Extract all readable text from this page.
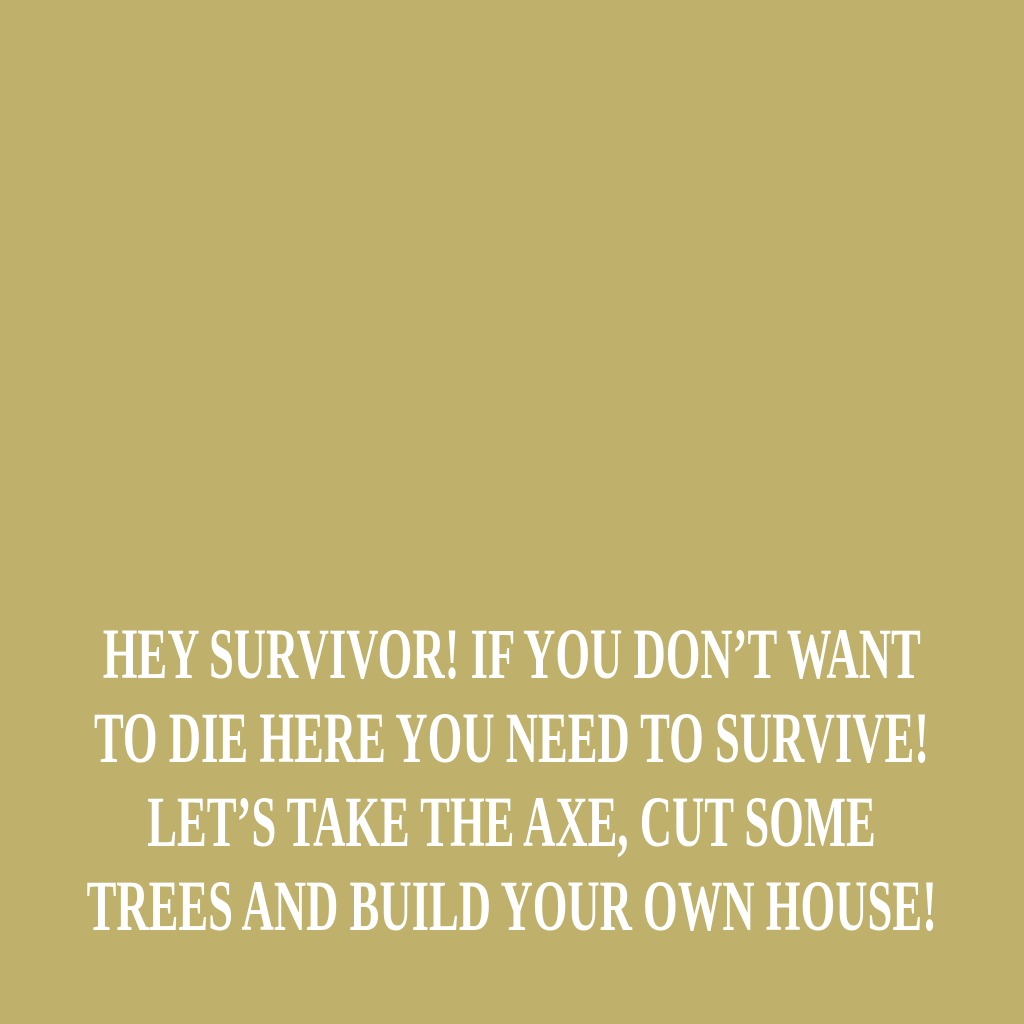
HEY SURVIVOR! IF YOU DON’T WANT
TO DIE HERE YOU NEED TO SURVIVE!
LET’S TAKE THE AXE, CUT SOME
TREES AND BUILD YOUR OWN HOUSE!
